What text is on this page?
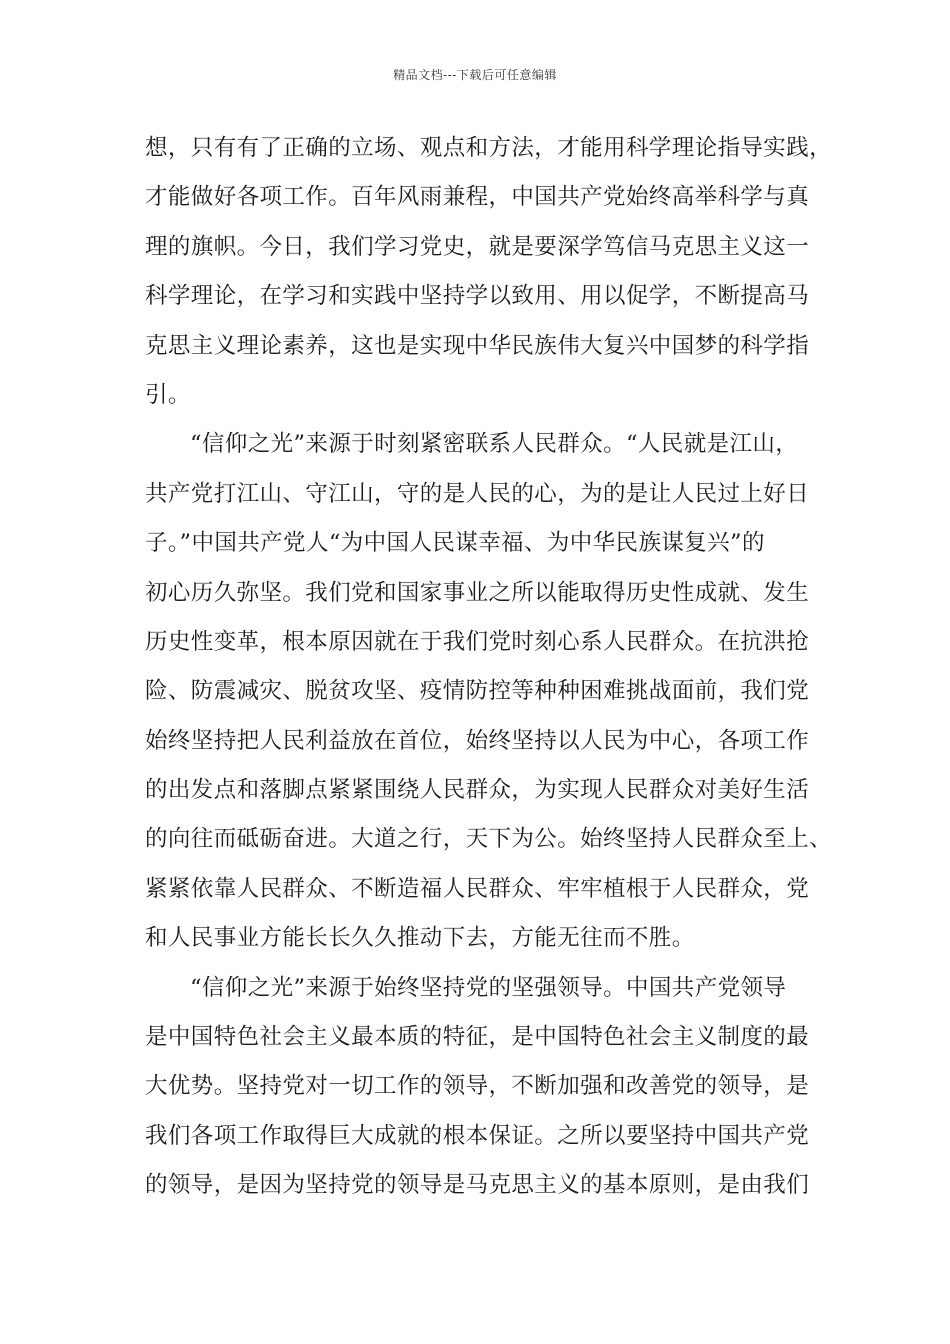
精品文档---下载后可任意编辑
想，只有有了正确的立场、观点和方法，才能用科学理论指导实践，
才能做好各项工作。百年风雨兼程，中国共产党始终高举科学与真
理的旗帜。今日，我们学习党史，就是要深学笃信马克思主义这一
科学理论，在学习和实践中坚持学以致用、用以促学，不断提高马
克思主义理论素养，这也是实现中华民族伟大复兴中国梦的科学指
引。
“信仰之光”来源于时刻紧密联系人民群众。“人民就是江山，
共产党打江山、守江山，守的是人民的心，为的是让人民过上好日
子。”中国共产党人“为中国人民谋幸福、为中华民族谋复兴”的
初心历久弥坚。我们党和国家事业之所以能取得历史性成就、发生
历史性变革，根本原因就在于我们党时刻心系人民群众。在抗洪抢
险、防震减灾、脱贫攻坚、疫情防控等种种困难挑战面前，我们党
始终坚持把人民利益放在首位，始终坚持以人民为中心，各项工作
的出发点和落脚点紧紧围绕人民群众，为实现人民群众对美好生活
的向往而砥砺奋进。大道之行，天下为公。始终坚持人民群众至上、
紧紧依靠人民群众、不断造福人民群众、牢牢植根于人民群众，党
和人民事业方能长长久久推动下去，方能无往而不胜。
“信仰之光”来源于始终坚持党的坚强领导。中国共产党领导
是中国特色社会主义最本质的特征，是中国特色社会主义制度的最
大优势。坚持党对一切工作的领导，不断加强和改善党的领导，是
我们各项工作取得巨大成就的根本保证。之所以要坚持中国共产党
的领导，是因为坚持党的领导是马克思主义的基本原则，是由我们
